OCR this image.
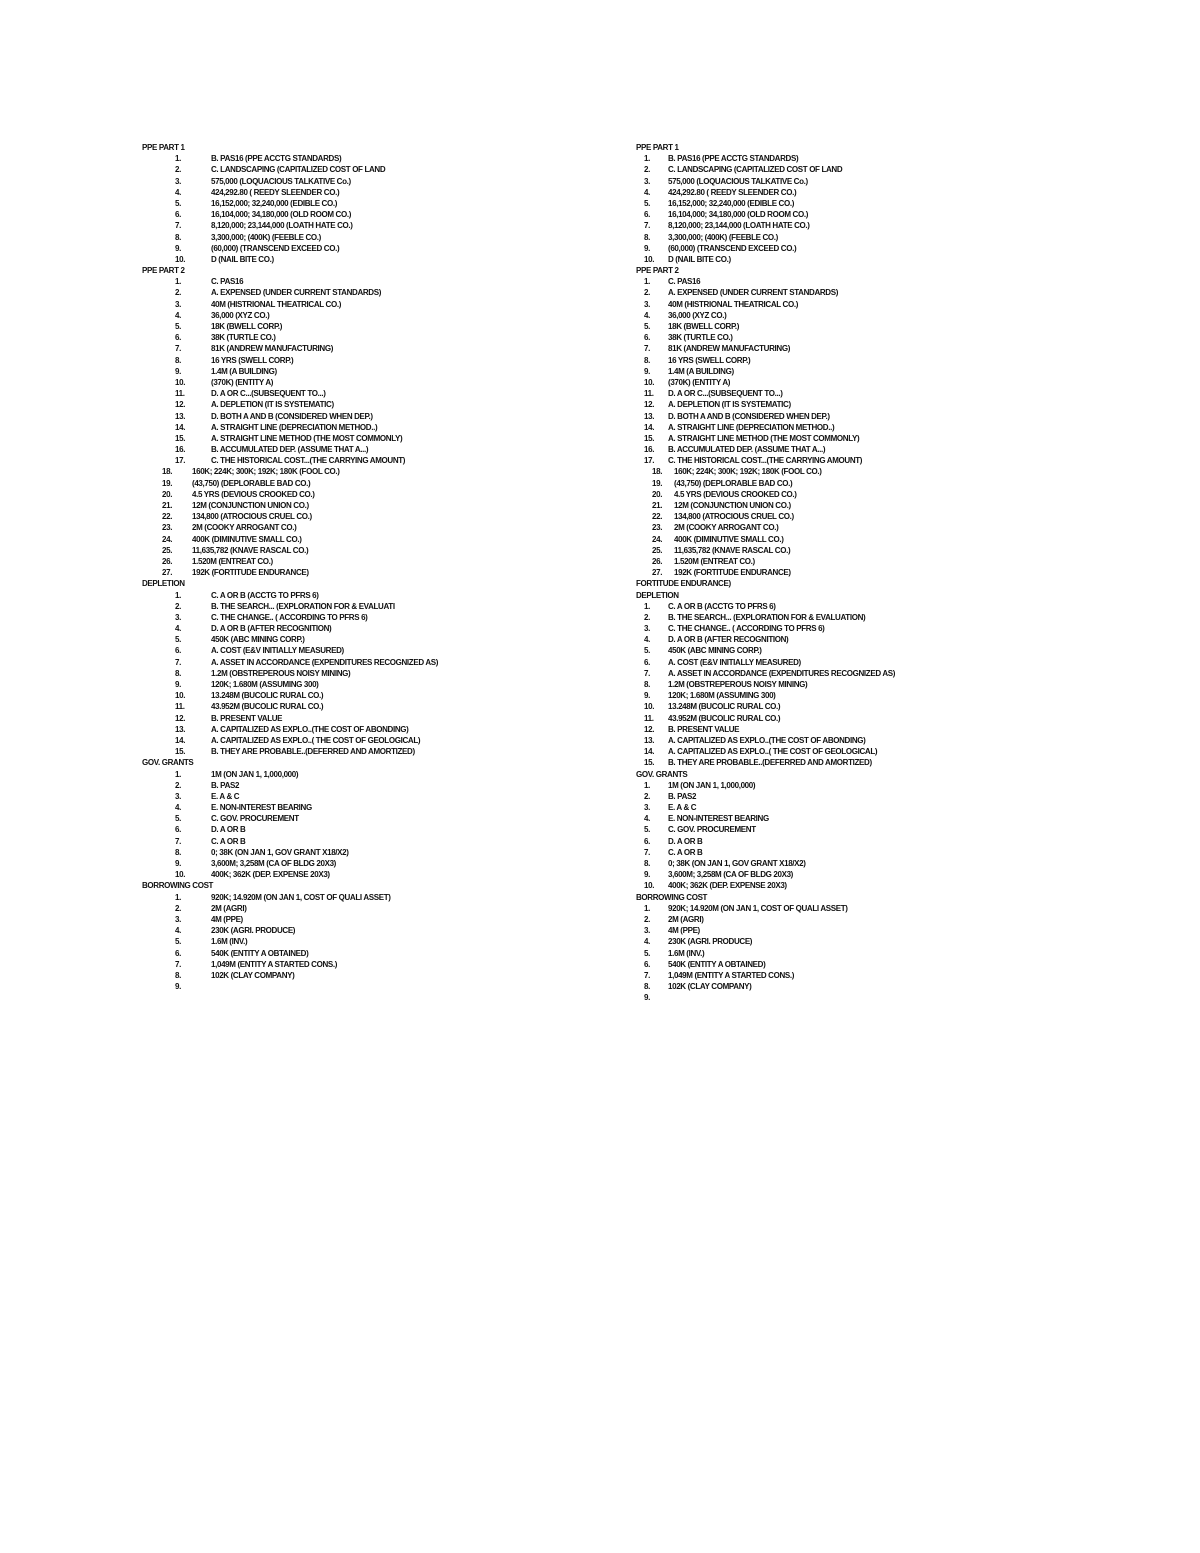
PPE PART 1
1.	B. PAS16 (PPE ACCTG STANDARDS)
2.	C. LANDSCAPING (CAPITALIZED COST OF LAND
3.	575,000 (LOQUACIOUS TALKATIVE Co.)
4.	424,292.80 ( REEDY SLEENDER CO.)
5.	16,152,000; 32,240,000 (EDIBLE CO.)
6.	16,104,000; 34,180,000 (OLD ROOM CO.)
7.	8,120,000; 23,144,000 (LOATH HATE CO.)
8.	3,300,000; (400K) (FEEBLE CO.)
9.	(60,000) (TRANSCEND EXCEED CO.)
10.	D (NAIL BITE CO.)
PPE PART 2
1.	C. PAS16
2.	A. EXPENSED (UNDER CURRENT STANDARDS)
3.	40M (HISTRIONAL THEATRICAL CO.)
4.	36,000 (XYZ CO.)
5.	18K (BWELL CORP.)
6.	38K (TURTLE CO.)
7.	81K (ANDREW MANUFACTURING)
8.	16 YRS (SWELL CORP.)
9.	1.4M (A BUILDING)
10.	(370K) (ENTITY A)
11.	D. A OR C...(SUBSEQUENT TO...)
12.	A. DEPLETION (IT IS SYSTEMATIC)
13.	D. BOTH A AND B (CONSIDERED WHEN DEP.)
14.	A. STRAIGHT LINE (DEPRECIATION METHOD..)
15.	A. STRAIGHT LINE METHOD (THE MOST COMMONLY)
16.	B. ACCUMULATED DEP. (ASSUME THAT A...)
17.	C. THE HISTORICAL COST...(THE CARRYING AMOUNT)
18.	160K; 224K; 300K; 192K; 180K (FOOL CO.)
19.	(43,750) (DEPLORABLE BAD CO.)
20.	4.5 YRS (DEVIOUS CROOKED CO.)
21.	12M (CONJUNCTION UNION CO.)
22.	134,800 (ATROCIOUS CRUEL CO.)
23.	2M (COOKY ARROGANT CO.)
24.	400K (DIMINUTIVE SMALL CO.)
25.	11,635,782 (KNAVE RASCAL CO.)
26.	1.520M (ENTREAT CO.)
27.	192K (FORTITUDE ENDURANCE)
DEPLETION
1.	C. A OR B (ACCTG TO PFRS 6)
2.	B. THE SEARCH... (EXPLORATION FOR & EVALUATI
3.	C. THE CHANGE.. ( ACCORDING TO PFRS 6)
4.	D. A OR B (AFTER RECOGNITION)
5.	450K (ABC MINING CORP.)
6.	A. COST (E&V INITIALLY MEASURED)
7.	A. ASSET IN ACCORDANCE (EXPENDITURES RECOGNIZED AS)
8.	1.2M (OBSTREPEROUS NOISY MINING)
9.	120K; 1.680M (ASSUMING 300)
10.	13.248M (BUCOLIC RURAL CO.)
11.	43.952M (BUCOLIC RURAL CO.)
12.	B. PRESENT VALUE
13.	A. CAPITALIZED AS EXPLO..(THE COST OF ABONDING)
14.	A. CAPITALIZED AS EXPLO..( THE COST OF GEOLOGICAL)
15.	B. THEY ARE PROBABLE..(DEFERRED AND AMORTIZED)
GOV. GRANTS
1.	1M (ON JAN 1, 1,000,000)
2.	B. PAS2
3.	E. A & C
4.	E. NON-INTEREST BEARING
5.	C. GOV. PROCUREMENT
6.	D. A OR B
7.	C. A OR B
8.	0; 38K (ON JAN 1, GOV GRANT X18/X2)
9.	3,600M; 3,258M (CA OF BLDG 20X3)
10.	400K; 362K (DEP. EXPENSE 20X3)
BORROWING COST
1.	920K; 14.920M (ON JAN 1, COST OF QUALI ASSET)
2.	2M (AGRI)
3.	4M (PPE)
4.	230K (AGRI. PRODUCE)
5.	1.6M (INV.)
6.	540K (ENTITY A OBTAINED)
7.	1,049M (ENTITY A STARTED CONS.)
8.	102K (CLAY COMPANY)
9.
PPE PART 1
1.	B. PAS16 (PPE ACCTG STANDARDS)
2.	C. LANDSCAPING (CAPITALIZED COST OF LAND
3.	575,000 (LOQUACIOUS TALKATIVE Co.)
4.	424,292.80 ( REEDY SLEENDER CO.)
5.	16,152,000; 32,240,000 (EDIBLE CO.)
6.	16,104,000; 34,180,000 (OLD ROOM CO.)
7.	8,120,000; 23,144,000 (LOATH HATE CO.)
8.	3,300,000; (400K) (FEEBLE CO.)
9.	(60,000) (TRANSCEND EXCEED CO.)
10.	D (NAIL BITE CO.)
PPE PART 2
1.	C. PAS16
2.	A. EXPENSED (UNDER CURRENT STANDARDS)
3.	40M (HISTRIONAL THEATRICAL CO.)
4.	36,000 (XYZ CO.)
5.	18K (BWELL CORP.)
6.	38K (TURTLE CO.)
7.	81K (ANDREW MANUFACTURING)
8.	16 YRS (SWELL CORP.)
9.	1.4M (A BUILDING)
10.	(370K) (ENTITY A)
11.	D. A OR C...(SUBSEQUENT TO...)
12.	A. DEPLETION (IT IS SYSTEMATIC)
13.	D. BOTH A AND B (CONSIDERED WHEN DEP.)
14.	A. STRAIGHT LINE (DEPRECIATION METHOD..)
15.	A. STRAIGHT LINE METHOD (THE MOST COMMONLY)
16.	B. ACCUMULATED DEP. (ASSUME THAT A...)
17.	C. THE HISTORICAL COST...(THE CARRYING AMOUNT)
18.	160K; 224K; 300K; 192K; 180K (FOOL CO.)
19.	(43,750) (DEPLORABLE BAD CO.)
20.	4.5 YRS (DEVIOUS CROOKED CO.)
21.	12M (CONJUNCTION UNION CO.)
22.	134,800 (ATROCIOUS CRUEL CO.)
23.	2M (COOKY ARROGANT CO.)
24.	400K (DIMINUTIVE SMALL CO.)
25.	11,635,782 (KNAVE RASCAL CO.)
26.	1.520M (ENTREAT CO.)
27.	192K (FORTITUDE ENDURANCE)
FORTITUDE ENDURANCE)
DEPLETION
1.	C. A OR B (ACCTG TO PFRS 6)
2.	B. THE SEARCH... (EXPLORATION FOR & EVALUATION)
3.	C. THE CHANGE.. ( ACCORDING TO PFRS 6)
4.	D. A OR B (AFTER RECOGNITION)
5.	450K (ABC MINING CORP.)
6.	A. COST (E&V INITIALLY MEASURED)
7.	A. ASSET IN ACCORDANCE (EXPENDITURES RECOGNIZED AS)
8.	1.2M (OBSTREPEROUS NOISY MINING)
9.	120K; 1.680M (ASSUMING 300)
10.	13.248M (BUCOLIC RURAL CO.)
11.	43.952M (BUCOLIC RURAL CO.)
12.	B. PRESENT VALUE
13.	A. CAPITALIZED AS EXPLO..(THE COST OF ABONDING)
14.	A. CAPITALIZED AS EXPLO..( THE COST OF GEOLOGICAL)
15.	B. THEY ARE PROBABLE..(DEFERRED AND AMORTIZED)
GOV. GRANTS
1.	1M (ON JAN 1, 1,000,000)
2.	B. PAS2
3.	E. A & C
4.	E. NON-INTEREST BEARING
5.	C. GOV. PROCUREMENT
6.	D. A OR B
7.	C. A OR B
8.	0; 38K (ON JAN 1, GOV GRANT X18/X2)
9.	3,600M; 3,258M (CA OF BLDG 20X3)
10.	400K; 362K (DEP. EXPENSE 20X3)
BORROWING COST
1.	920K; 14.920M (ON JAN 1, COST OF QUALI ASSET)
2.	2M (AGRI)
3.	4M (PPE)
4.	230K (AGRI. PRODUCE)
5.	1.6M (INV.)
6.	540K (ENTITY A OBTAINED)
7.	1,049M (ENTITY A STARTED CONS.)
8.	102K (CLAY COMPANY)
9.
